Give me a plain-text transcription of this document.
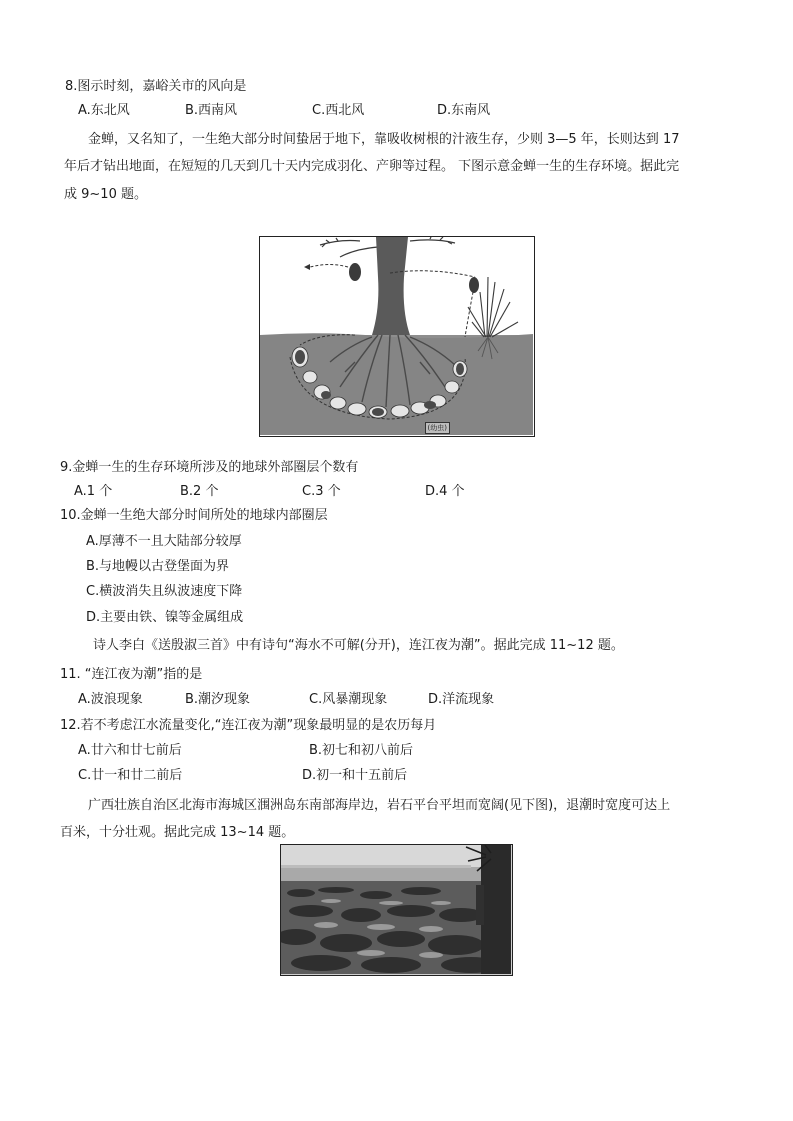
8.图示时刻，嘉峪关市的风向是
A.东北风	B.西南风	C.西北风	D.东南风
金蝉，又名知了，一生绝大部分时间蛰居于地下，靠吸收树根的汁液生存，少则 3—5 年，长则达到 17
年后才钻出地面，在短短的几天到几十天内完成羽化、产卵等过程。 下图示意金蝉一生的生存环境。据此完
成 9~10 题。
(幼虫)
9.金蝉一生的生存环境所涉及的地球外部圈层个数有
A.1 个	B.2 个	C.3 个	D.4 个
10.金蝉一生绝大部分时间所处的地球内部圈层
A.厚薄不一且大陆部分较厚
B.与地幔以古登堡面为界
C.横波消失且纵波速度下降
D.主要由铁、镍等金属组成
诗人李白《送殷淑三首》中有诗句“海水不可解(分开)，连江夜为潮”。据此完成 11~12 题。
11. “连江夜为潮”指的是
A.波浪现象	B.潮汐现象	C.风暴潮现象	D.洋流现象
12.若不考虑江水流量变化,“连江夜为潮”现象最明显的是农历每月
A.廿六和廿七前后	B.初七和初八前后
C.廿一和廿二前后	D.初一和十五前后
广西壮族自治区北海市海城区涠洲岛东南部海岸边，岩石平台平坦而宽阔(见下图)，退潮时宽度可达上
百米，十分壮观。据此完成 13~14 题。
